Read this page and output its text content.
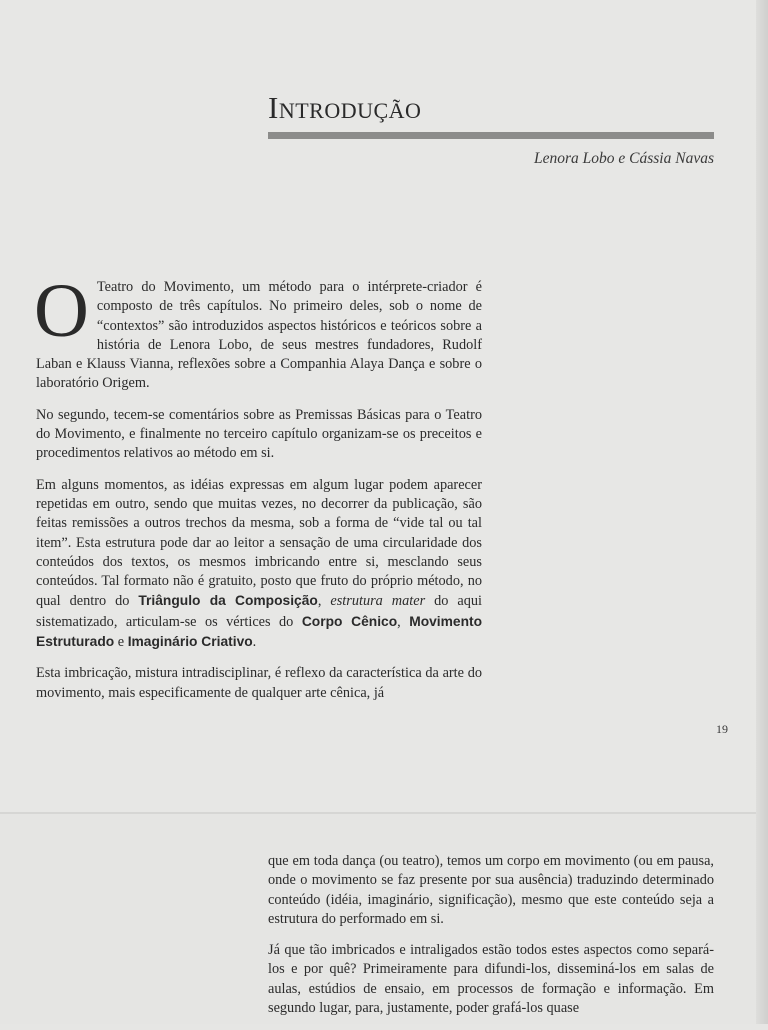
Introdução
Lenora Lobo e Cássia Navas

O Teatro do Movimento, um método para o intérprete-criador é composto de três capítulos. No primeiro deles, sob o nome de “contextos” são introduzidos aspectos históricos e teóricos sobre a história de Lenora Lobo, de seus mestres fundadores, Rudolf Laban e Klauss Vianna, reflexões sobre a Companhia Alaya Dança e sobre o laboratório Origem.

No segundo, tecem-se comentários sobre as Premissas Básicas para o Teatro do Movimento, e finalmente no terceiro capítulo organizam-se os preceitos e procedimentos relativos ao método em si.

Em alguns momentos, as idéias expressas em algum lugar podem aparecer repetidas em outro, sendo que muitas vezes, no decorrer da publicação, são feitas remissões a outros trechos da mesma, sob a forma de “vide tal ou tal item”. Esta estrutura pode dar ao leitor a sensação de uma circularidade dos conteúdos dos textos, os mesmos imbricando entre si, mesclando seus conteúdos. Tal formato não é gratuito, posto que fruto do próprio método, no qual dentro do Triângulo da Composição, estrutura mater do aqui sistematizado, articulam-se os vértices do Corpo Cênico, Movimento Estruturado e Imaginário Criativo.

Esta imbricação, mistura intradisciplinar, é reflexo da característica da arte do movimento, mais especificamente de qualquer arte cênica, já

19

que em toda dança (ou teatro), temos um corpo em movimento (ou em pausa, onde o movimento se faz presente por sua ausência) traduzindo determinado conteúdo (idéia, imaginário, significação), mesmo que este conteúdo seja a estrutura do performado em si.

Já que tão imbricados e intraligados estão todos estes aspectos como separá-los e por quê? Primeiramente para difundi-los, disseminá-los em salas de aulas, estúdios de ensaio, em processos de formação e informação. Em segundo lugar, para, justamente, poder grafá-los quase
